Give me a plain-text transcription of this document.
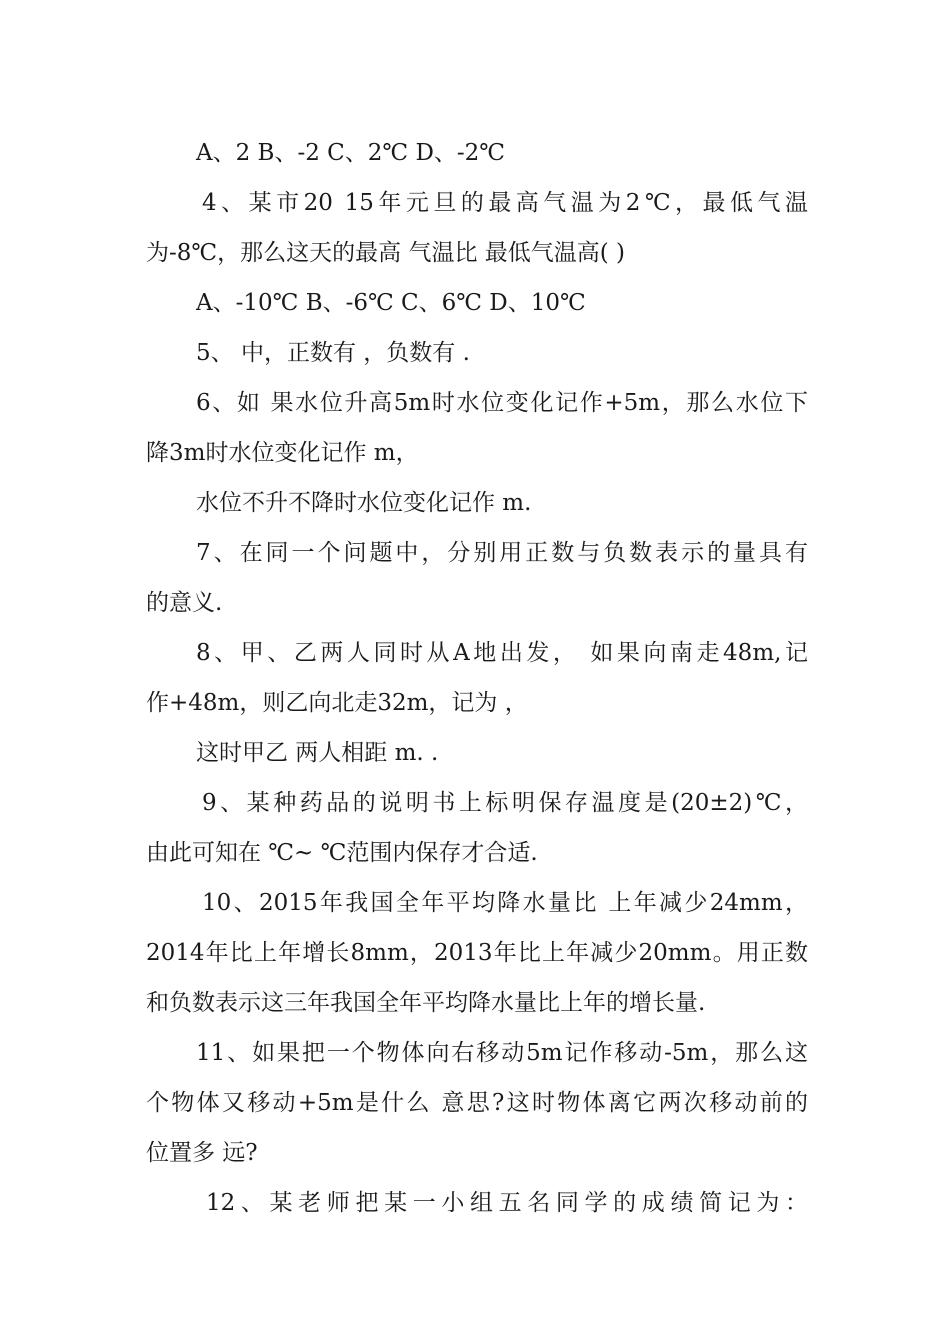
A、2 B、-2 C、2℃ D、-2℃
4、某市20 15年元旦的最高气温为2℃，最低气温
为-8℃，那么这天的最高 气温比 最低气温高( )
A、-10℃ B、-6℃ C、6℃ D、10℃
5、 中，正数有 ，负数有 .
6、如 果水位升高5m时水位变化记作+5m，那么水位下
降3m时水位变化记作 m，
水位不升不降时水位变化记作 m.
7、在同一个问题中，分别用正数与负数表示的量具有
的意义.
8、甲、乙两人同时从A地出发， 如果向南走48m,记
作+48m，则乙向北走32m，记为 ，
这时甲乙 两人相距 m. .
9、某种药品的说明书上标明保存温度是(20±2)℃，
由此可知在 ℃~ ℃范围内保存才合适.
10、2015年我国全年平均降水量比 上年减少24mm，
2014年比上年增长8mm，2013年比上年减少20mm。用正数
和负数表示这三年我国全年平均降水量比上年的增长量.
11、如果把一个物体向右移动5m记作移动-5m，那么这
个物体又移动+5m是什么 意思?这时物体离它两次移动前的
位置多 远?
12、某老师把某一小组五名同学的成绩简记为：
